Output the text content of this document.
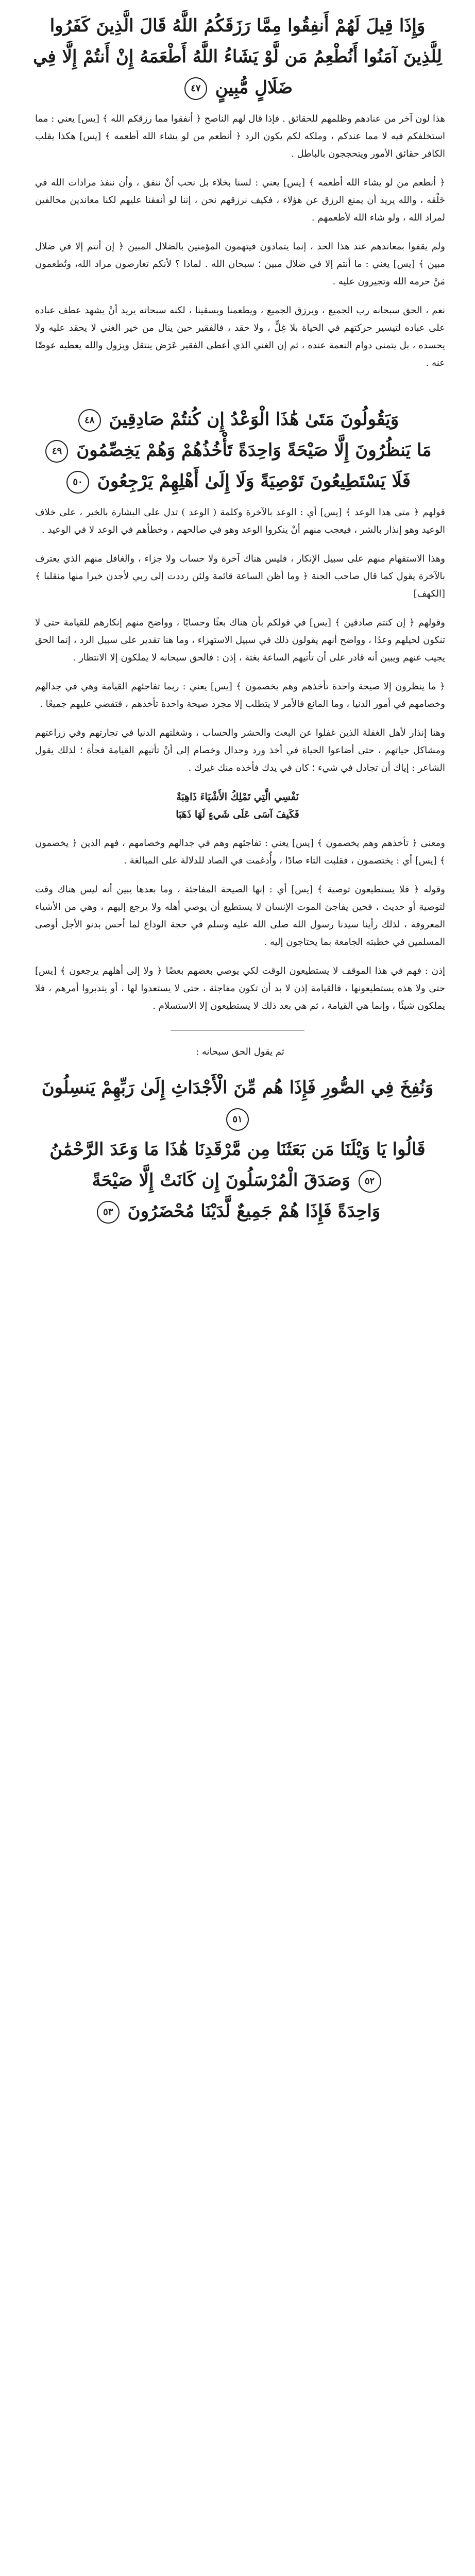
وَإِذَا قِيلَ لَهُمْ أَنفِقُوا مِمَّا رَزَقَكُمُ اللَّهُ قَالَ الَّذِينَ كَفَرُوا لِلَّذِينَ آمَنُوا أَنُطْعِمُ مَن لَّوْ يَشَاءُ اللَّهُ أَطْعَمَهُ إِنْ أَنتُمْ إِلَّا فِي ضَلَالٍ مُّبِينٍ ٤٧

هذا لون آخر من عنادهم وظلمهم للحقائق . فإذا قال لهم الناصح ﴿ أنفقوا مما رزقكم الله ﴾ [يس] يعني : مما استخلفكم فيه لا مما عندكم ، وملكه لكم يكون الرد ﴿ أنطعم من لو يشاء الله أطعمه ﴾ [يس] هكذا يقلب الكافر حقائق الأمور ويتحججون بالباطل .

﴿ أنطعم من لو يشاء الله أطعمه ﴾ [يس] يعني : لسنا بخلاء بل نحب أنْ ننفق ، وأن ننفذ مرادات الله في خَلْقه ، والله يريد أن يمنع الرزق عن هؤلاء ، فكيف نرزقهم نحن ، إننا لو أنفقنا عليهم لكنا معاندين مخالفين لمراد الله ، ولو شاء الله لأطعمهم .

ولم يقفوا بمعاندهم عند هذا الحد ، إنما يتمادون فيتهمون المؤمنين بالضلال المبين ﴿ إن أنتم إلا في ضلال مبين ﴾ [يس] يعني : ما أنتم إلا في ضلال مبين ؛ سبحان الله . لماذا ؟ لأنكم تعارضون مراد الله، وتُطعمون مَنْ حرمه الله وتجيرون عليه .

نعم ، الحق سبحانه رب الجميع ، ويرزق الجميع ، ويطعمنا ويسقينا ، لكنه سبحانه يريد أنْ يشهد عطف عباده على عباده لتيسير حركتهم في الحياة بلا غِلٍّ ، ولا حقد ، فالفقير حين ينال من خير الغني لا يحقد عليه ولا يحسده ، بل يتمنى دوام النعمة عنده ، ثم إن الغني الذي أعطى الفقير عَرَض ينتقل ويزول والله يعطيه عوضًا عنه .

وَيَقُولُونَ مَتَىٰ هَٰذَا الْوَعْدُ إِن كُنتُمْ صَادِقِينَ ٤٨
مَا يَنظُرُونَ إِلَّا صَيْحَةً وَاحِدَةً تَأْخُذُهُمْ وَهُمْ يَخِصِّمُونَ ٤٩
فَلَا يَسْتَطِيعُونَ تَوْصِيَةً وَلَا إِلَىٰ أَهْلِهِمْ يَرْجِعُونَ ٥٠

قولهم ﴿ متى هذا الوعد ﴾ [يس] أي : الوعد بالآخرة وكلمة ( الوعد ) تدل على البشارة بالخير ، على خلاف الوعيد وهو إنذار بالشر ، فيعجب منهم أنْ ينكروا الوعد وهو في صالحهم ، وخطأهم في الوعد لا في الوعيد .

وهذا الاستفهام منهم على سبيل الإنكار ، فليس هناك آخرة ولا حساب ولا جزاء ، والغافل منهم الذي يعترف بالآخرة يقول كما قال صاحب الجنة ﴿ وما أظن الساعة قائمة ولئن رددت إلى ربي لأجدن خيرا منها منقلبا ﴾ [الكهف]

وقولهم ﴿ إن كنتم صادقين ﴾ [يس] في قولكم بأن هناك بعثًا وحسابًا ، وواضح منهم إنكارهم للقيامة حتى لا تنكون لحيلهم وعدًا ، وواضح أنهم يقولون ذلك في سبيل الاستهزاء ، وما هنا تقدير على سبيل الرد ، إنما الحق يجيب عنهم ويبين أنه قادر على أن تأتيهم الساعة بغتة ، إذن : فالحق سبحانه لا يملكون إلا الانتظار .

﴿ ما ينظرون إلا صيحة واحدة تأخذهم وهم يخصمون ﴾ [يس] يعني : ربما تفاجئهم القيامة وهي في جدالهم وخصامهم في أمور الدنيا ، وما المانع فالأمر لا يتطلب إلا مجرد صيحة واحدة تأخذهم ، فتقضي عليهم جميعًا .

وهنا إنذار لأهل الغفلة الذين غفلوا عن البعث والحشر والحساب ، وشغلتهم الدنيا في تجارتهم وفي زراعتهم ومشاكل حياتهم ، حتى أضاعوا الحياة في أخذ ورد وجدال وخصام إلى أنْ تأتيهم القيامة فجأة ؛ لذلك يقول الشاعر : إياك أن تجادل في شيء ؛ كان في يدك فأخذه منك غيرك .

نَفْسِي الَّتِي تَمْلِكُ الأَشْيَاءَ ذَاهِبَةٌ
فَكَيفَ آسَى عَلَى شَيءٍ لَهَا ذَهَبَا

ومعنى ﴿ تأخذهم وهم يخصمون ﴾ [يس] يعني : تفاجئهم وهم في جدالهم وخصامهم ، فهم الذين ﴿ يخصمون ﴾ [يس] أي : يختصمون ، فقلبت التاء صادًا ، وأُدغمت في الصاد للدلالة على المبالغة .

وقوله ﴿ فلا يستطيعون توصية ﴾ [يس] أي : إنها الصيحة المفاجئة ، وما بعدها يبين أنه ليس هناك وقت لتوصية أو حديث ، فحين يفاجئ الموت الإنسان لا يستطيع أن يوصي أهله ولا يرجع إليهم ، وهي من الأشياء المعروفة ، لذلك رأينا سيدنا رسول الله صلى الله عليه وسلم في حجة الوداع لما أحس بدنو الأجل أوصى المسلمين في خطبته الجامعة بما يحتاجون إليه .

إذن : فهم في هذا الموقف لا يستطيعون الوقت لكي يوصي بعضهم بعضًا ﴿ ولا إلى أهلهم يرجعون ﴾ [يس] حتى ولا هذه يستطيعونها ، فالقيامة إذن لا بد أن تكون مفاجئة ، حتى لا يستعدوا لها ، أو يتدبروا أمرهم ، فلا يملكون شيئًا ، وإنما هي القيامة ، ثم هي بعد ذلك لا يستطيعون إلا الاستسلام .

ثم يقول الحق سبحانه :

وَنُفِخَ فِي الصُّورِ فَإِذَا هُم مِّنَ الْأَجْدَاثِ إِلَىٰ رَبِّهِمْ يَنسِلُونَ ٥١
قَالُوا يَا وَيْلَنَا مَن بَعَثَنَا مِن مَّرْقَدِنَا هَٰذَا مَا وَعَدَ الرَّحْمَٰنُ
٥٢ وَصَدَقَ الْمُرْسَلُونَ إِن كَانَتْ إِلَّا صَيْحَةً
وَاحِدَةً فَإِذَا هُمْ جَمِيعٌ لَّدَيْنَا مُحْضَرُونَ ٥٣
